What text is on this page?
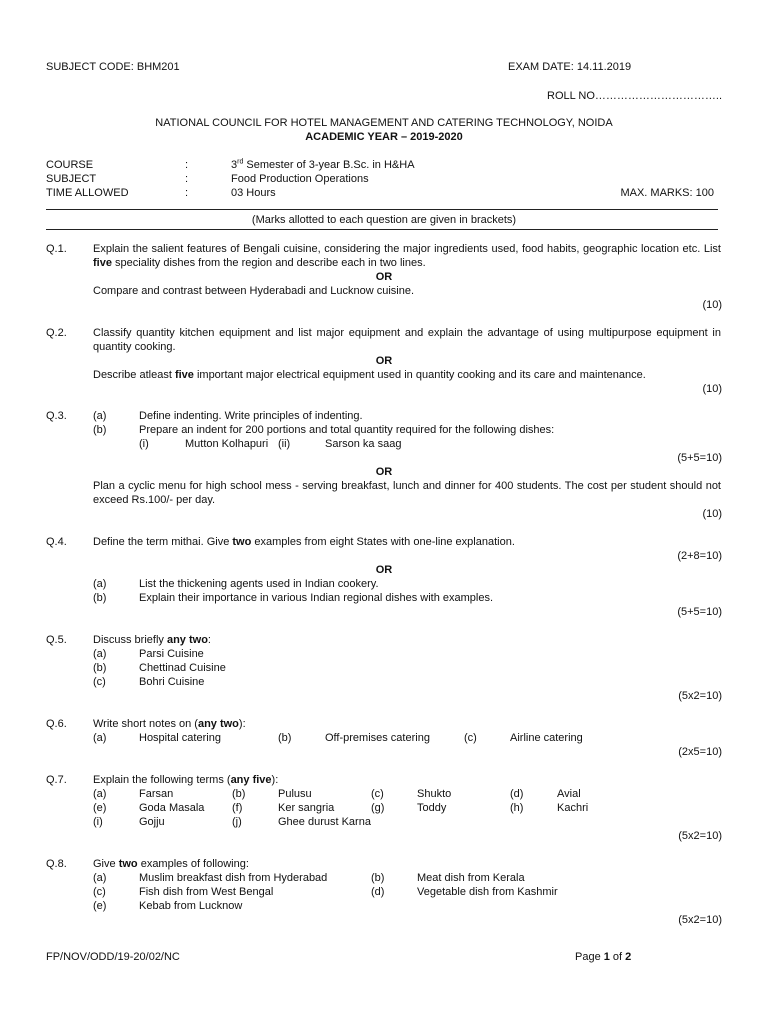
SUBJECT CODE: BHM201	EXAM DATE: 14.11.2019
ROLL NO……………………………..
NATIONAL COUNCIL FOR HOTEL MANAGEMENT AND CATERING TECHNOLOGY, NOIDA
ACADEMIC YEAR – 2019-2020
COURSE	:	3rd Semester of 3-year B.Sc. in H&HA
SUBJECT	:	Food Production Operations
TIME ALLOWED	:	03 Hours	MAX. MARKS: 100
(Marks allotted to each question are given in brackets)
Q.1. Explain the salient features of Bengali cuisine, considering the major ingredients used, food habits, geographic location etc. List five speciality dishes from the region and describe each in two lines.
OR
Compare and contrast between Hyderabadi and Lucknow cuisine.
(10)
Q.2. Classify quantity kitchen equipment and list major equipment and explain the advantage of using multipurpose equipment in quantity cooking.
OR
Describe atleast five important major electrical equipment used in quantity cooking and its care and maintenance.
(10)
Q.3. (a)	Define indenting. Write principles of indenting.
(b)	Prepare an indent for 200 portions and total quantity required for the following dishes:
(i)	Mutton Kolhapuri (ii)	Sarson ka saag
(5+5=10)
OR
Plan a cyclic menu for high school mess - serving breakfast, lunch and dinner for 400 students. The cost per student should not exceed Rs.100/- per day.
(10)
Q.4. Define the term mithai. Give two examples from eight States with one-line explanation.
(2+8=10)
OR
(a)	List the thickening agents used in Indian cookery.
(b)	Explain their importance in various Indian regional dishes with examples.
(5+5=10)
Q.5. Discuss briefly any two:
(a)	Parsi Cuisine
(b)	Chettinad Cuisine
(c)	Bohri Cuisine
(5x2=10)
Q.6. Write short notes on (any two):
(a)	Hospital catering	(b)	Off-premises catering	(c)	Airline catering
(2x5=10)
Q.7. Explain the following terms (any five):
(a)	Farsan	(b)	Pulusu	(c)	Shukto	(d)	Avial
(e)	Goda Masala	(f)	Ker sangria	(g)	Toddy	(h)	Kachri
(i)	Gojju	(j)	Ghee durust Karna
(5x2=10)
Q.8. Give two examples of following:
(a)	Muslim breakfast dish from Hyderabad	(b)	Meat dish from Kerala
(c)	Fish dish from West Bengal	(d)	Vegetable dish from Kashmir
(e)	Kebab from Lucknow
(5x2=10)
FP/NOV/ODD/19-20/02/NC	Page 1 of 2
